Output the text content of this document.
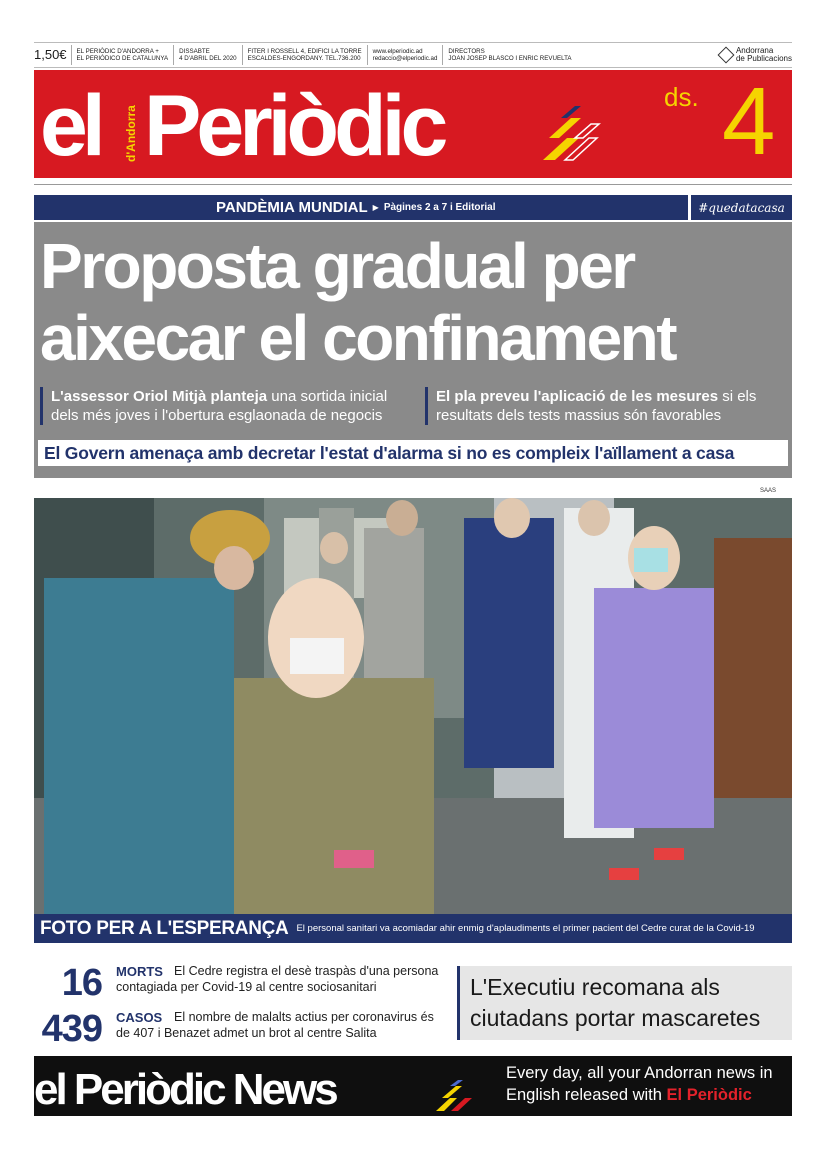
1,50€	EL PERIÒDIC D'ANDORRA +
EL PERIÓDICO DE CATALUNYA
DISSABTE
4 D'ABRIL DEL 2020
FITER I ROSSELL 4, EDIFICI LA TORRE
ESCALDES-ENGORDANY. TEL.736.200
www.elperiodic.ad
redaccio@elperiodic.ad
DIRECTORS
JOAN JOSEP BLASCO I ENRIC REVUELTA
Andorrana
de Publicacions
el d'Andorra Periòdic	ds. 4
PANDÈMIA MUNDIAL ▶ Pàgines 2 a 7 i Editorial	#quedatacasa
Proposta gradual per aixecar el confinament
L'assessor Oriol Mitjà planteja una sortida inicial dels més joves i l'obertura esglaonada de negocis
El pla preveu l'aplicació de les mesures si els resultats dels tests massius són favorables
El Govern amenaça amb decretar l'estat d'alarma si no es compleix l'aïllament a casa
SAAS
FOTO PER A L'ESPERANÇA El personal sanitari va acomiadar ahir enmig d'aplaudiments el primer pacient del Cedre curat de la Covid-19
16 MORTS El Cedre registra el desè traspàs d'una persona contagiada per Covid-19 al centre sociosanitari
439 CASOS El nombre de malalts actius per coronavirus és de 407 i Benazet admet un brot al centre Salita
L'Executiu recomana als ciutadans portar mascaretes
el Periòdic News	Every day, all your Andorran news in English released with El Periòdic
